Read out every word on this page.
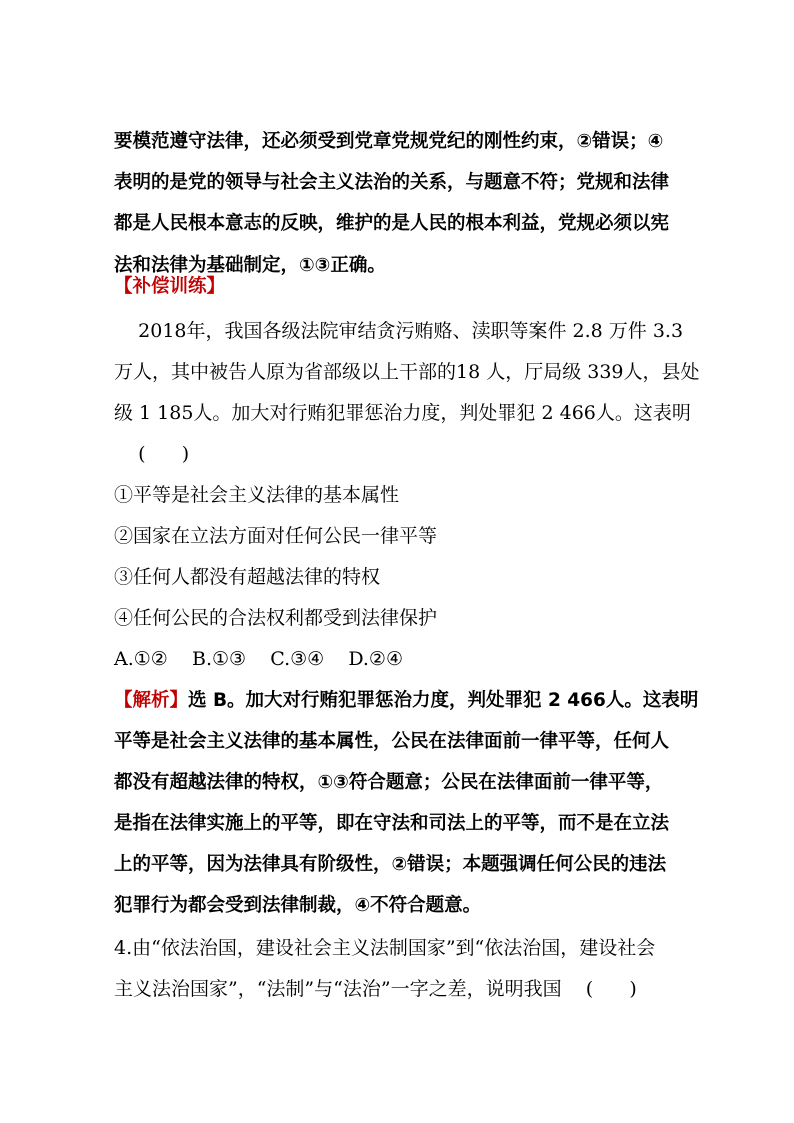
要模范遵守法律，还必须受到党章党规党纪的刚性约束，②错误；④
表明的是党的领导与社会主义法治的关系，与题意不符；党规和法律
都是人民根本意志的反映，维护的是人民的根本利益，党规必须以宪
法和法律为基础制定，①③正确。
【补偿训练】
2018年，我国各级法院审结贪污贿赂、渎职等案件 2.8 万件 3.3
万人，其中被告人原为省部级以上干部的18 人，厅局级 339人，县处
级 1 185人。加大对行贿犯罪惩治力度，判处罪犯 2 466人。这表明
(      )
①平等是社会主义法律的基本属性
②国家在立法方面对任何公民一律平等
③任何人都没有超越法律的特权
④任何公民的合法权利都受到法律保护
A.①②    B.①③    C.③④    D.②④
【解析】选 B。加大对行贿犯罪惩治力度，判处罪犯 2 466人。这表明
平等是社会主义法律的基本属性，公民在法律面前一律平等，任何人
都没有超越法律的特权，①③符合题意；公民在法律面前一律平等，
是指在法律实施上的平等，即在守法和司法上的平等，而不是在立法
上的平等，因为法律具有阶级性，②错误；本题强调任何公民的违法
犯罪行为都会受到法律制裁，④不符合题意。
4.由“依法治国，建设社会主义法制国家”到“依法治国，建设社会
主义法治国家”，“法制”与“法治”一字之差，说明我国    (      )
